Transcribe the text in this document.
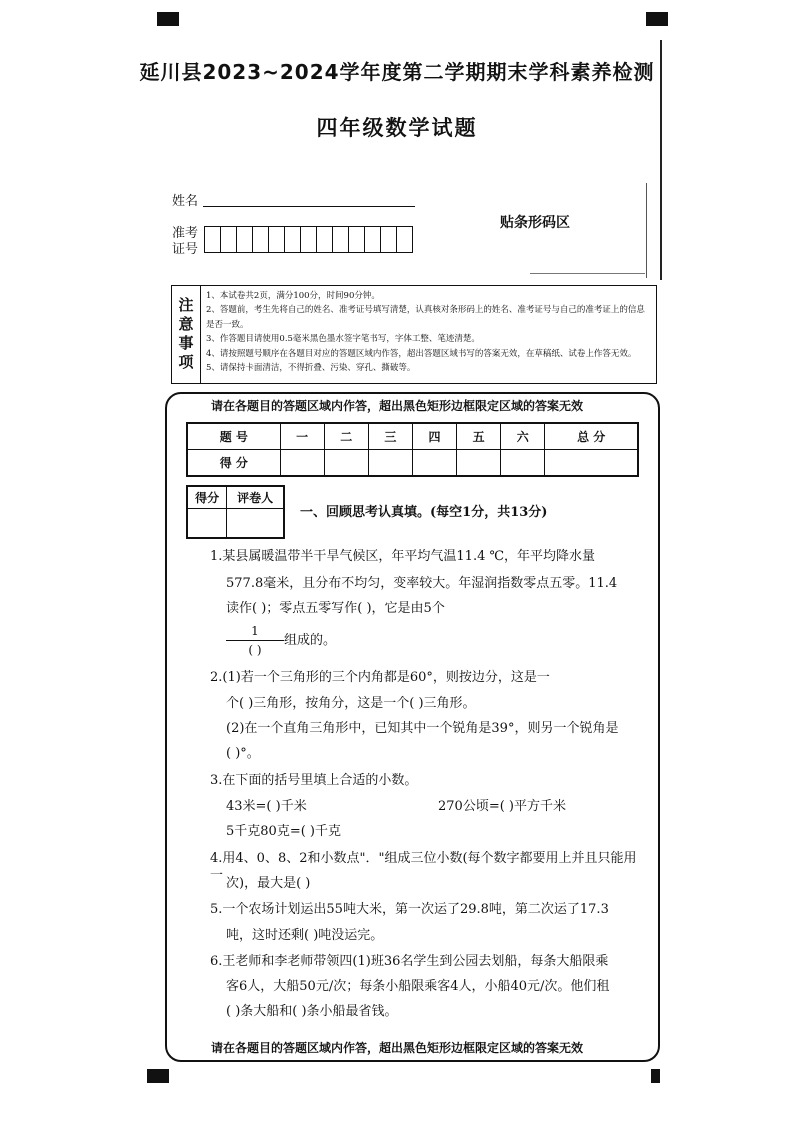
延川县2023~2024学年度第二学期期末学科素养检测
四年级数学试题
姓名
准考
证号
贴条形码区
注意事项
1、本试卷共2页，满分100分，时间90分钟。
2、答题前，考生先将自己的姓名、准考证号填写清楚，认真核对条形码上的姓名、准考证号与自己的准考证上的信息是否一致。
3、作答题目请使用0.5毫米黑色墨水签字笔书写，字体工整、笔迹清楚。
4、请按照题号顺序在各题目对应的答题区域内作答，超出答题区域书写的答案无效，在草稿纸、试卷上作答无效。
5、请保持卡面清洁，不得折叠、污染、穿孔、撕破等。
请在各题目的答题区域内作答，超出黑色矩形边框限定区域的答案无效
请在各题目的答题区域内作答，超出黑色矩形边框限定区域的答案无效
题 号	一	二	三	四	五	六	总 分
得 分							
得分	评卷人

一、回顾思考认真填。(每空1分，共13分)
1.某县属暖温带半干旱气候区，年平均气温11.4 ℃，年平均降水量
577.8毫米，且分布不均匀，变率较大。年湿润指数零点五零。11.4
读作( )；零点五零写作( )，它是由5个
1
( )
组成的。
2.(1)若一个三角形的三个内角都是60°，则按边分，这是一
个( )三角形，按角分，这是一个( )三角形。
(2)在一个直角三角形中，已知其中一个锐角是39°，则另一个锐角是
( )°。
3.在下面的括号里填上合适的小数。
43米=( )千米	270公顷=( )平方千米
5千克80克=( )千克
4.用4、0、8、2和小数点"．"组成三位小数(每个数字都要用上并且只能用一
次)，最大是( )
5.一个农场计划运出55吨大米，第一次运了29.8吨，第二次运了17.3
吨，这时还剩( )吨没运完。
6.王老师和李老师带领四(1)班36名学生到公园去划船，每条大船限乘
客6人，大船50元/次；每条小船限乘客4人，小船40元/次。他们租
( )条大船和( )条小船最省钱。
